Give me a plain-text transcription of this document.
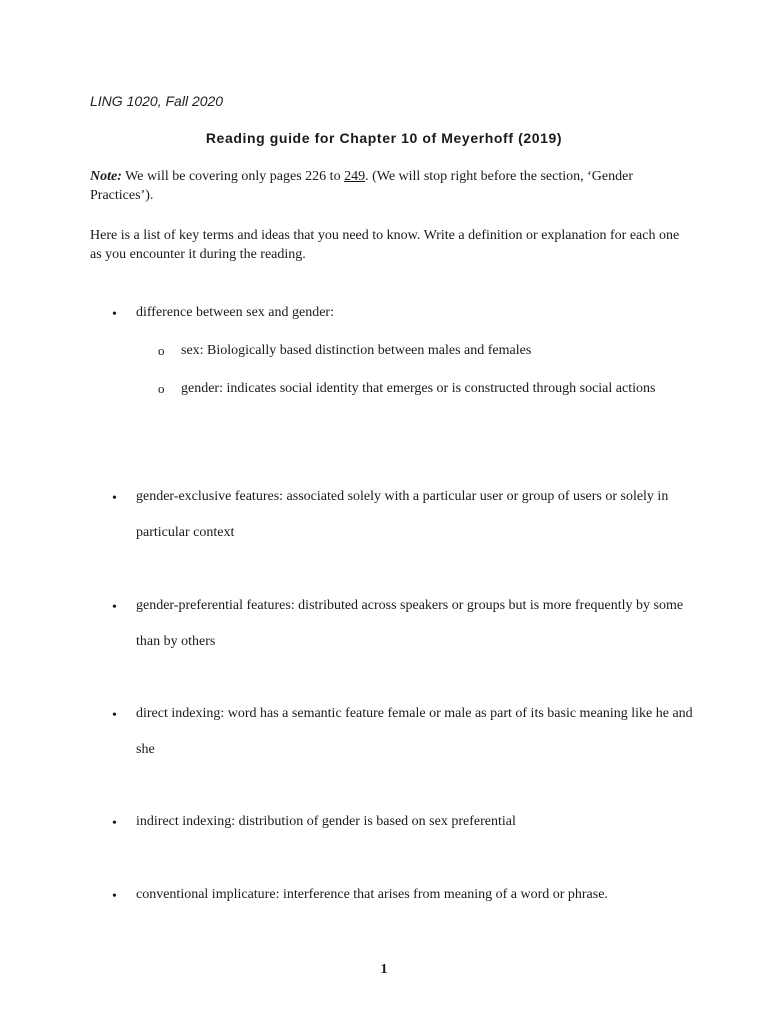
LING 1020, Fall 2020
Reading guide for Chapter 10 of Meyerhoff (2019)
Note: We will be covering only pages 226 to 249. (We will stop right before the section, ‘Gender Practices’).
Here is a list of key terms and ideas that you need to know. Write a definition or explanation for each one as you encounter it during the reading.
• difference between sex and gender:
o sex: Biologically based distinction between males and females
o gender: indicates social identity that emerges or is constructed through social actions
• gender-exclusive features: associated solely with a particular user or group of users or solely in particular context
• gender-preferential features: distributed across speakers or groups but is more frequently by some than by others
• direct indexing: word has a semantic feature female or male as part of its basic meaning like he and she
• indirect indexing: distribution of gender is based on sex preferential
• conventional implicature: interference that arises from meaning of a word or phrase.
1
